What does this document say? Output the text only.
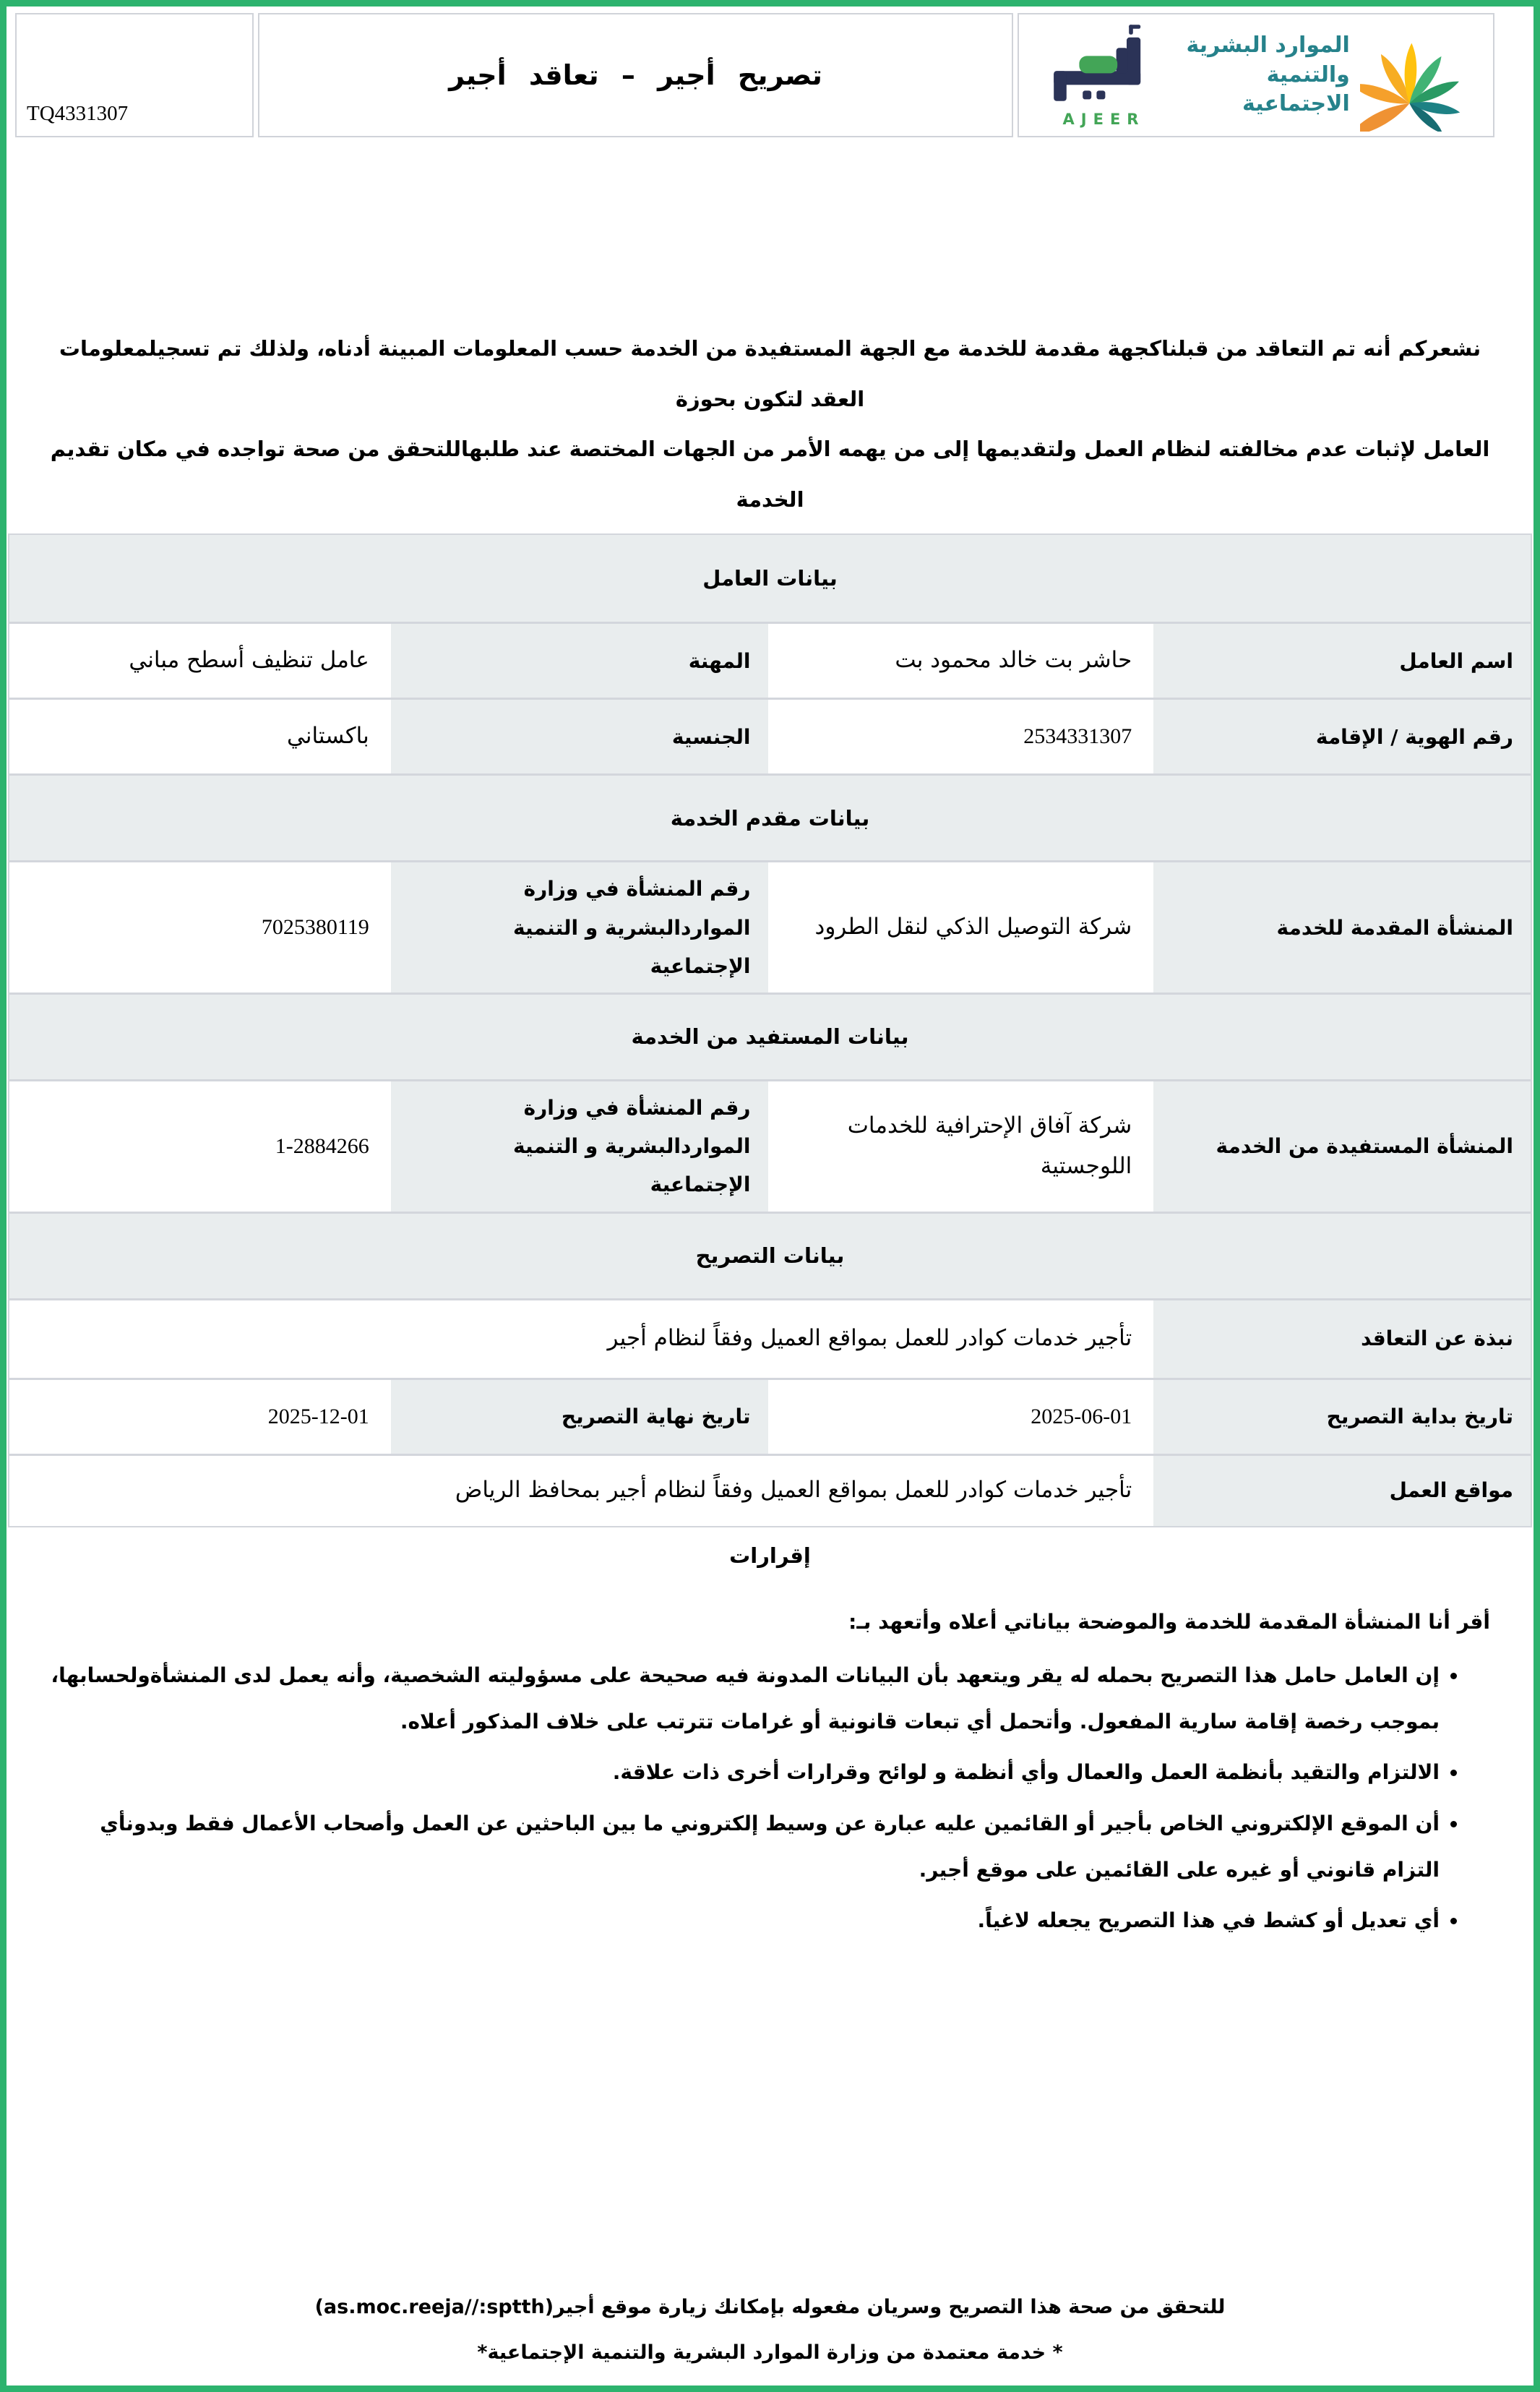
TQ4331307
تصريح أجير – تعاقد أجير
AJEER
الموارد البشرية
والتنمية الاجتماعية
نشعركم أنه تم التعاقد من قبلناكجهة مقدمة للخدمة مع الجهة المستفيدة من الخدمة حسب المعلومات المبينة أدناه، ولذلك تم تسجيلمعلومات العقد لتكون بحوزة
العامل لإثبات عدم مخالفته لنظام العمل ولتقديمها إلى من يهمه الأمر من الجهات المختصة عند طلبهاللتحقق من صحة تواجده في مكان تقديم الخدمة
بيانات العامل
اسم العامل
حاشر بت خالد محمود بت
المهنة
عامل تنظيف أسطح مباني
رقم الهوية / الإقامة
2534331307
الجنسية
باكستاني
بيانات مقدم الخدمة
المنشأة المقدمة للخدمة
شركة التوصيل الذكي لنقل الطرود
رقم المنشأة في وزارة المواردالبشرية و التنمية الإجتماعية
7025380119
بيانات المستفيد من الخدمة
المنشأة المستفيدة من الخدمة
شركة آفاق الإحترافية للخدمات اللوجستية
رقم المنشأة في وزارة المواردالبشرية و التنمية الإجتماعية
1-2884266
بيانات التصريح
نبذة عن التعاقد
تأجير خدمات كوادر للعمل بمواقع العميل وفقاً لنظام أجير
تاريخ بداية التصريح
2025-06-01
تاريخ نهاية التصريح
2025-12-01
مواقع العمل
تأجير خدمات كوادر للعمل بمواقع العميل وفقاً لنظام أجير بمحافظ الرياض
إقرارات
أقر أنا المنشأة المقدمة للخدمة والموضحة بياناتي أعلاه وأتعهد بـ:
• إن العامل حامل هذا التصريح بحمله له يقر ويتعهد بأن البيانات المدونة فيه صحيحة على مسؤوليته الشخصية، وأنه يعمل لدى المنشأةولحسابها، بموجب رخصة إقامة سارية المفعول. وأتحمل أي تبعات قانونية أو غرامات تترتب على خلاف المذكور أعلاه.
• الالتزام والتقيد بأنظمة العمل والعمال وأي أنظمة و لوائح وقرارات أخرى ذات علاقة.
• أن الموقع الإلكتروني الخاص بأجير أو القائمين عليه عبارة عن وسيط إلكتروني ما بين الباحثين عن العمل وأصحاب الأعمال فقط وبدونأي التزام قانوني أو غيره على القائمين على موقع أجير.
• أي تعديل أو كشط في هذا التصريح يجعله لاغياً.
للتحقق من صحة هذا التصريح وسريان مفعوله بإمكانك زيارة موقع أجير(as.moc.reeja//:sptth)
* خدمة معتمدة من وزارة الموارد البشرية والتنمية الإجتماعية*
